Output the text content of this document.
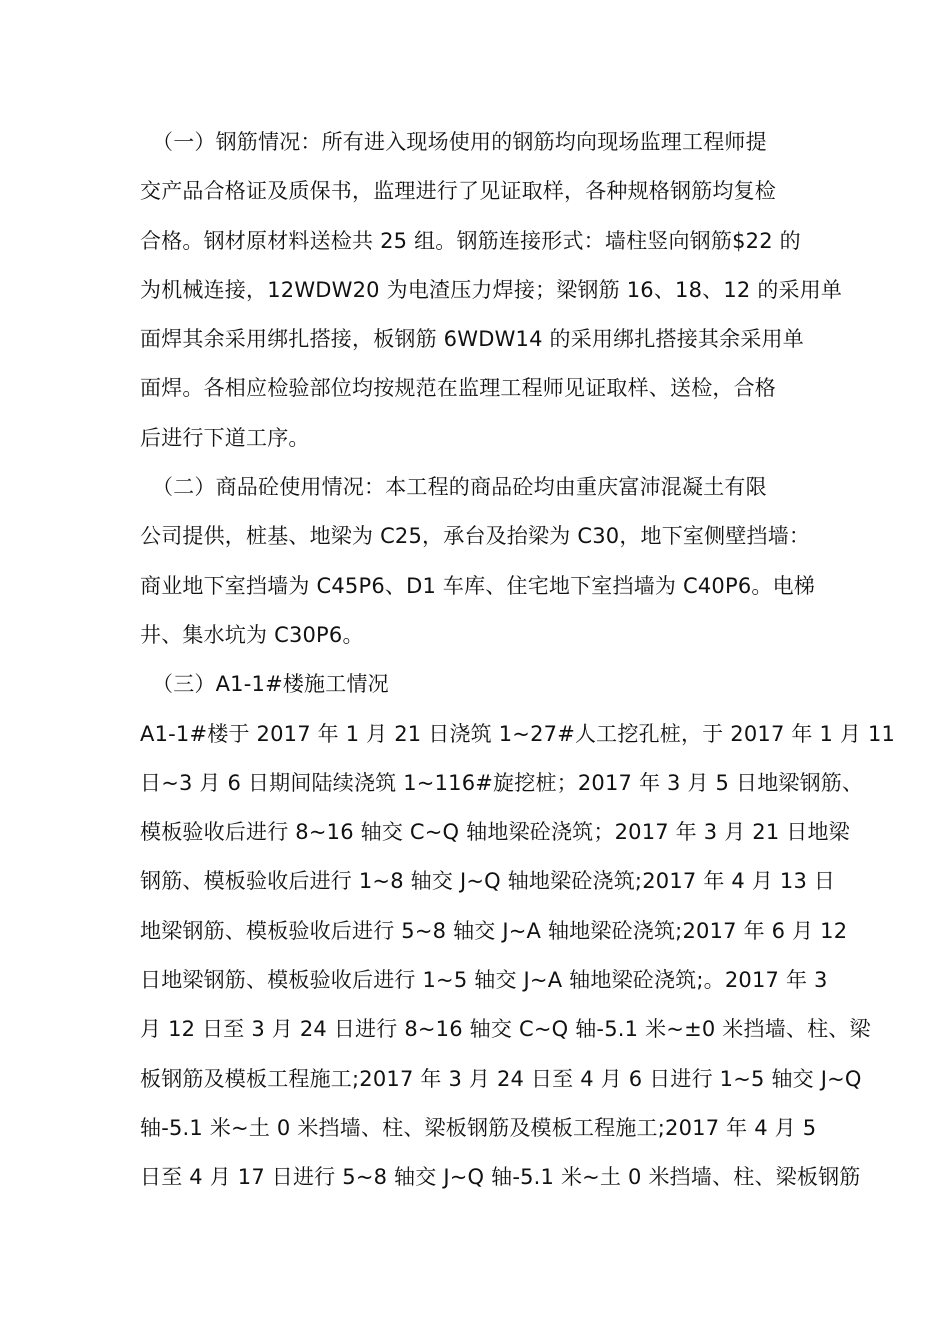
（一）钢筋情况：所有进入现场使用的钢筋均向现场监理工程师提
交产品合格证及质保书，监理进行了见证取样，各种规格钢筋均复检
合格。钢材原材料送检共 25 组。钢筋连接形式：墙柱竖向钢筋$22 的
为机械连接，12WDW20 为电渣压力焊接；梁钢筋 16、18、12 的采用单
面焊其余采用绑扎搭接，板钢筋 6WDW14 的采用绑扎搭接其余采用单
面焊。各相应检验部位均按规范在监理工程师见证取样、送检，合格
后进行下道工序。
（二）商品砼使用情况：本工程的商品砼均由重庆富沛混凝土有限
公司提供，桩基、地梁为 C25，承台及抬梁为 C30，地下室侧壁挡墙：
商业地下室挡墙为 C45P6、D1 车库、住宅地下室挡墙为 C40P6。电梯
井、集水坑为 C30P6。
（三）A1-1#楼施工情况
A1-1#楼于 2017 年 1 月 21 日浇筑 1~27#人工挖孔桩，于 2017 年 1 月 11
日~3 月 6 日期间陆续浇筑 1~116#旋挖桩；2017 年 3 月 5 日地梁钢筋、
模板验收后进行 8~16 轴交 C~Q 轴地梁砼浇筑；2017 年 3 月 21 日地梁
钢筋、模板验收后进行 1~8 轴交 J~Q 轴地梁砼浇筑;2017 年 4 月 13 日
地梁钢筋、模板验收后进行 5~8 轴交 J~A 轴地梁砼浇筑;2017 年 6 月 12
日地梁钢筋、模板验收后进行 1~5 轴交 J~A 轴地梁砼浇筑;。2017 年 3
月 12 日至 3 月 24 日进行 8~16 轴交 C~Q 轴-5.1 米~±0 米挡墙、柱、梁
板钢筋及模板工程施工;2017 年 3 月 24 日至 4 月 6 日进行 1~5 轴交 J~Q
轴-5.1 米~土 0 米挡墙、柱、梁板钢筋及模板工程施工;2017 年 4 月 5
日至 4 月 17 日进行 5~8 轴交 J~Q 轴-5.1 米~土 0 米挡墙、柱、梁板钢筋
